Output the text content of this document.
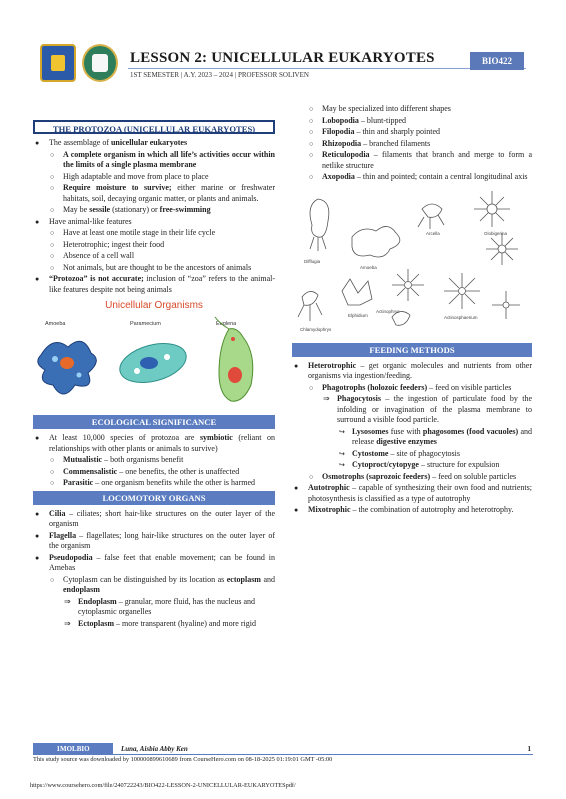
LESSON 2: UNICELLULAR EUKARYOTES
1ST SEMESTER | A.Y. 2023 – 2024 | PROFESSOR SOLIVEN
BIO422
THE PROTOZOA (UNICELLULAR EUKARYOTES)
● The assemblage of unicellular eukaryotes
○ A complete organism in which all life’s activities occur within the limits of a single plasma membrane
○ High adaptable and move from place to place
○ Require moisture to survive; either marine or freshwater habitats, soil, decaying organic matter, or plants and animals.
○ May be sessile (stationary) or free-swimming
● Have animal-like features
○ Have at least one motile stage in their life cycle
○ Heterotrophic; ingest their food
○ Absence of a cell wall
○ Not animals, but are thought to be the ancestors of animals
● “Protozoa” is not accurate; inclusion of “zoa” refers to the animal-like features despite not being animals
Unicellular Organisms
Amoeba	Paramecium	Euglena
ECOLOGICAL SIGNIFICANCE
● At least 10,000 species of protozoa are symbiotic (reliant on relationships with other plants or animals to survive)
○ Mutualistic – both organisms benefit
○ Commensalistic – one benefits, the other is unaffected
○ Parasitic – one organism benefits while the other is harmed
LOCOMOTORY ORGANS
● Cilia – ciliates; short hair-like structures on the outer layer of the organism
● Flagella – flagellates; long hair-like structures on the outer layer of the organism
● Pseudopodia – false feet that enable movement; can be found in Amebas
○ Cytoplasm can be distinguished by its location as ectoplasm and endoplasm
⇒ Endoplasm – granular, more fluid, has the nucleus and cytoplasmic organelles
⇒ Ectoplasm – more transparent (hyaline) and more rigid
○ May be specialized into different shapes
○ Lobopodia – blunt-tipped
○ Filopodia – thin and sharply pointed
○ Rhizopodia – branched filaments
○ Reticulopodia – filaments that branch and merge to form a netlike structure
○ Axopodia – thin and pointed; contain a central longitudinal axis
Difflugia
Amoeba
Arcella	Globigerina
Actinophrys
Actinosphaerium
Chlamydophrys
Elphidium
FEEDING METHODS
● Heterotrophic – get organic molecules and nutrients from other organisms via ingestion/feeding.
○ Phagotrophs (holozoic feeders) – feed on visible particles
⇒ Phagocytosis – the ingestion of particulate food by the infolding or invagination of the plasma membrane to surround a visible food particle.
↪ Lysosomes fuse with phagosomes (food vacuoles) and release digestive enzymes
↪ Cytostome – site of phagocytosis
↪ Cytoproct/cytopyge – structure for expulsion
○ Osmotrophs (saprozoic feeders) – feed on soluble particles
● Autotrophic – capable of synthesizing their own food and nutrients; photosynthesis is classified as a type of autotrophy
● Mixotrophic – the combination of autotrophy and heterotrophy.
1MOLBIO	Luna, Aisbia Abby Ken	1
This study source was downloaded by 100000899610689 from CourseHero.com on 08-18-2025 01:19:01 GMT -05:00
https://www.coursehero.com/file/240722243/BIO422-LESSON-2-UNICELLULAR-EUKARYOTESpdf/
